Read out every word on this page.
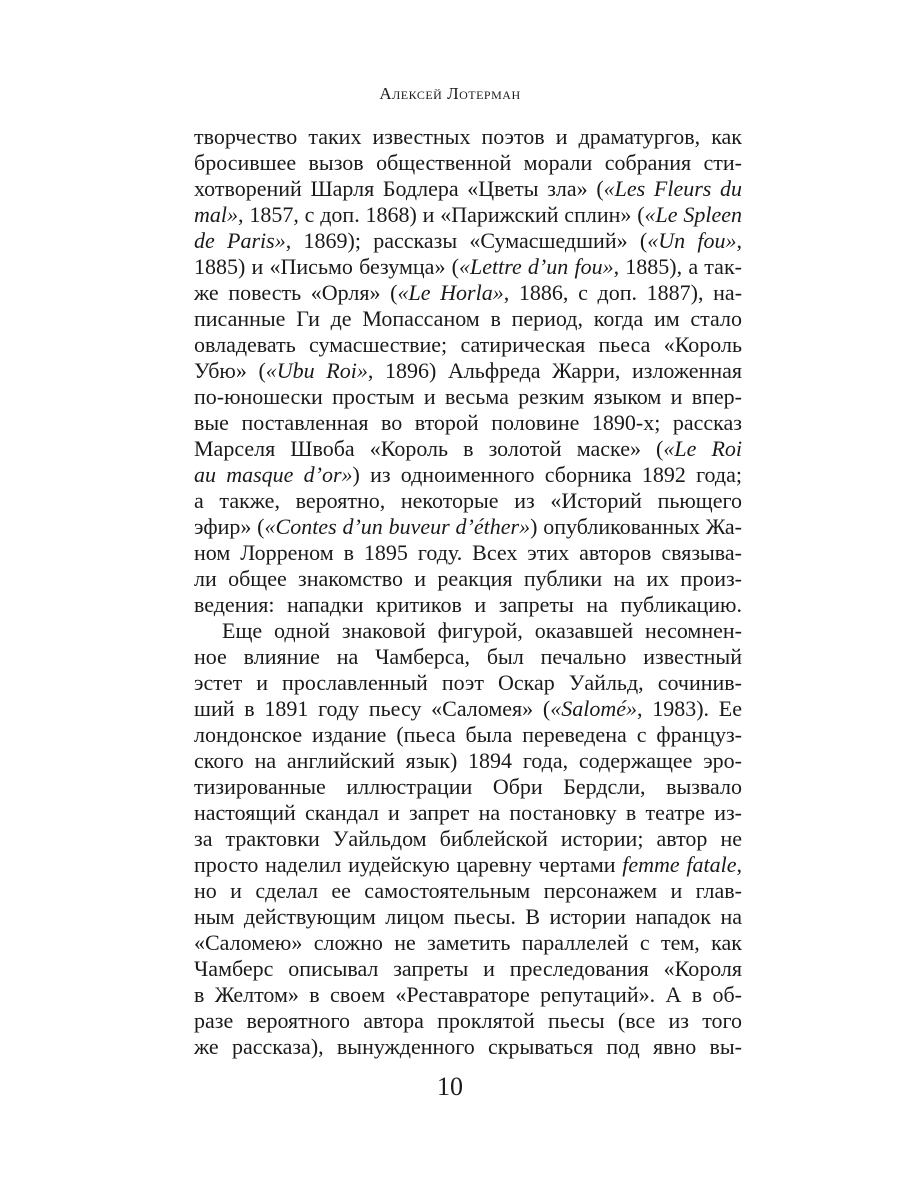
Алексей Лотерман
творчество таких известных поэтов и драматургов, как
бросившее вызов общественной морали собрания сти-
хотворений Шарля Бодлера «Цветы зла» («Les Fleurs du
mal», 1857, с доп. 1868) и «Парижский сплин» («Le Spleen
de Paris», 1869); рассказы «Сумасшедший» («Un fou»,
1885) и «Письмо безумца» («Lettre d’un fou», 1885), а так-
же повесть «Орля» («Le Horla», 1886, с доп. 1887), на-
писанные Ги де Мопассаном в период, когда им стало
овладевать сумасшествие; сатирическая пьеса «Король
Убю» («Ubu Roi», 1896) Альфреда Жарри, изложенная
по-юношески простым и весьма резким языком и впер-
вые поставленная во второй половине 1890-х; рассказ
Марселя Швоба «Король в золотой маске» («Le Roi
au masque d’or») из одноименного сборника 1892 года;
а также, вероятно, некоторые из «Историй пьющего
эфир» («Contes d’un buveur d’éther») опубликованных Жа-
ном Лорреном в 1895 году. Всех этих авторов связыва-
ли общее знакомство и реакция публики на их произ-
ведения: нападки критиков и запреты на публикацию.
Еще одной знаковой фигурой, оказавшей несомнен-
ное влияние на Чамберса, был печально известный
эстет и прославленный поэт Оскар Уайльд, сочинив-
ший в 1891 году пьесу «Саломея» («Salomé», 1983). Ее
лондонское издание (пьеса была переведена с француз-
ского на английский язык) 1894 года, содержащее эро-
тизированные иллюстрации Обри Бердсли, вызвало
настоящий скандал и запрет на постановку в театре из-
за трактовки Уайльдом библейской истории; автор не
просто наделил иудейскую царевну чертами femme fatale,
но и сделал ее самостоятельным персонажем и глав-
ным действующим лицом пьесы. В истории нападок на
«Саломею» сложно не заметить параллелей с тем, как
Чамберс описывал запреты и преследования «Короля
в Желтом» в своем «Реставраторе репутаций». А в об-
разе вероятного автора проклятой пьесы (все из того
же рассказа), вынужденного скрываться под явно вы-
10
